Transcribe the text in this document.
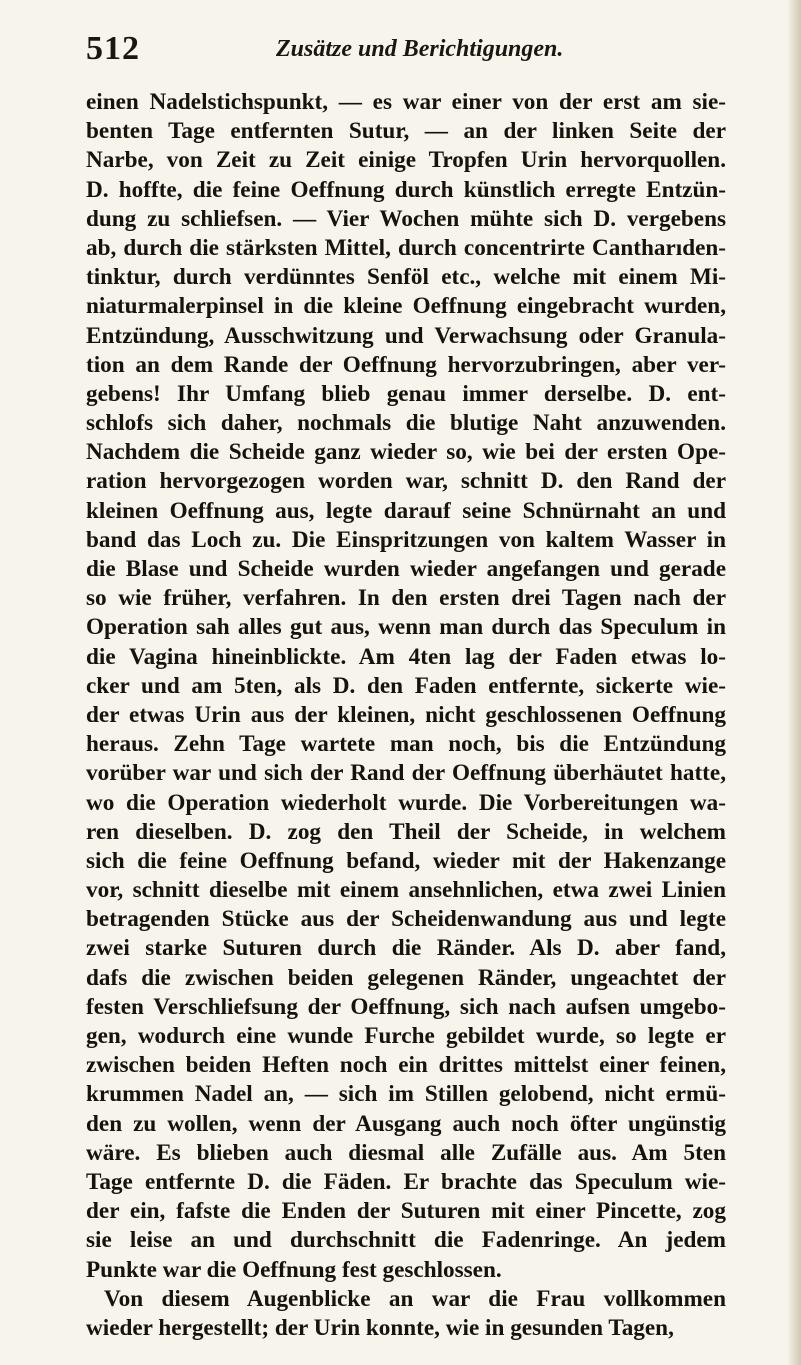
512	Zusätze und Berichtigungen.
einen Nadelstichspunkt, — es war einer von der erst am sie-
benten Tage entfernten Sutur, — an der linken Seite der
Narbe, von Zeit zu Zeit einige Tropfen Urin hervorquollen.
D. hoffte, die feine Oeffnung durch künstlich erregte Entzün-
dung zu schliefsen. — Vier Wochen mühte sich D. vergebens
ab, durch die stärksten Mittel, durch concentrirte Cantharıden-
tinktur, durch verdünntes Senföl etc., welche mit einem Mi-
niaturmalerpinsel in die kleine Oeffnung eingebracht wurden,
Entzündung, Ausschwitzung und Verwachsung oder Granula-
tion an dem Rande der Oeffnung hervorzubringen, aber ver-
gebens! Ihr Umfang blieb genau immer derselbe. D. ent-
schlofs sich daher, nochmals die blutige Naht anzuwenden.
Nachdem die Scheide ganz wieder so, wie bei der ersten Ope-
ration hervorgezogen worden war, schnitt D. den Rand der
kleinen Oeffnung aus, legte darauf seine Schnürnaht an und
band das Loch zu. Die Einspritzungen von kaltem Wasser in
die Blase und Scheide wurden wieder angefangen und gerade
so wie früher, verfahren. In den ersten drei Tagen nach der
Operation sah alles gut aus, wenn man durch das Speculum in
die Vagina hineinblickte. Am 4ten lag der Faden etwas lo-
cker und am 5ten, als D. den Faden entfernte, sickerte wie-
der etwas Urin aus der kleinen, nicht geschlossenen Oeffnung
heraus. Zehn Tage wartete man noch, bis die Entzündung
vorüber war und sich der Rand der Oeffnung überhäutet hatte,
wo die Operation wiederholt wurde. Die Vorbereitungen wa-
ren dieselben. D. zog den Theil der Scheide, in welchem
sich die feine Oeffnung befand, wieder mit der Hakenzange
vor, schnitt dieselbe mit einem ansehnlichen, etwa zwei Linien
betragenden Stücke aus der Scheidenwandung aus und legte
zwei starke Suturen durch die Ränder. Als D. aber fand,
dafs die zwischen beiden gelegenen Ränder, ungeachtet der
festen Verschliefsung der Oeffnung, sich nach aufsen umgebo-
gen, wodurch eine wunde Furche gebildet wurde, so legte er
zwischen beiden Heften noch ein drittes mittelst einer feinen,
krummen Nadel an, — sich im Stillen gelobend, nicht ermü-
den zu wollen, wenn der Ausgang auch noch öfter ungünstig
wäre. Es blieben auch diesmal alle Zufälle aus. Am 5ten
Tage entfernte D. die Fäden. Er brachte das Speculum wie-
der ein, fafste die Enden der Suturen mit einer Pincette, zog
sie leise an und durchschnitt die Fadenringe. An jedem
Punkte war die Oeffnung fest geschlossen.
Von diesem Augenblicke an war die Frau vollkommen
wieder hergestellt; der Urin konnte, wie in gesunden Tagen,
